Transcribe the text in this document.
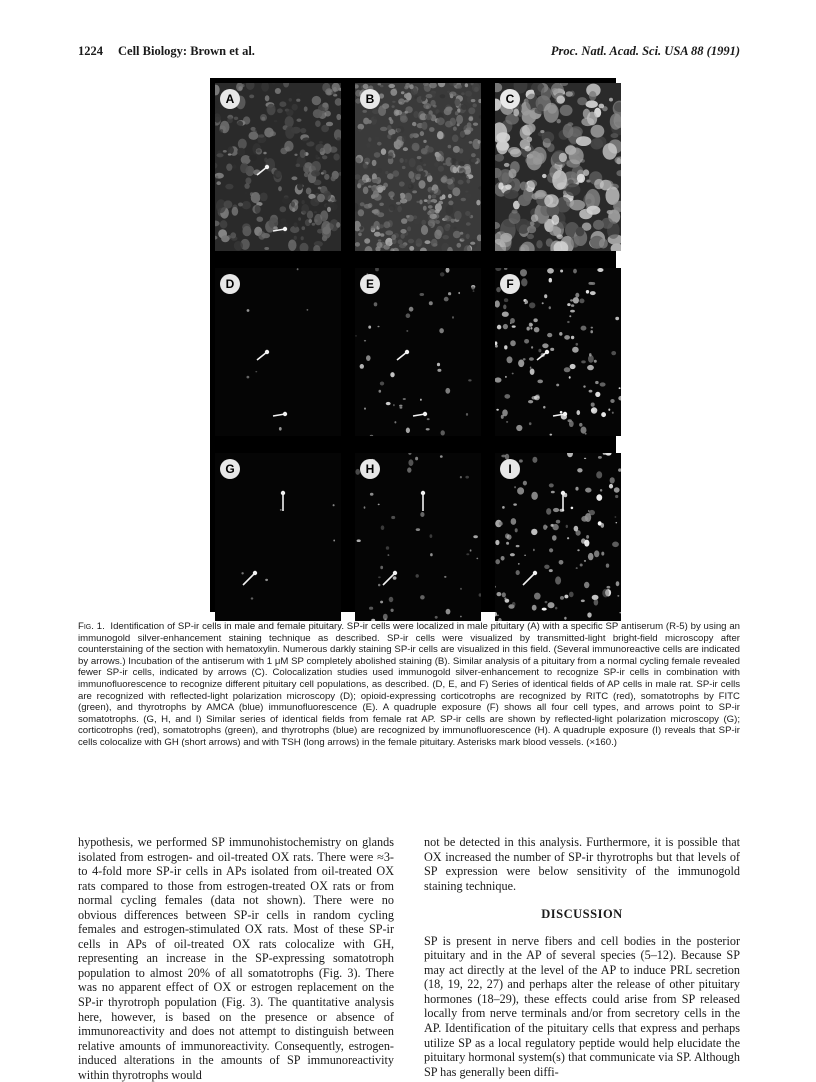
1224 Cell Biology: Brown et al.	Proc. Natl. Acad. Sci. USA 88 (1991)
A	B	C
D	E	F
G	H	I
Fig. 1. Identification of SP-ir cells in male and female pituitary. SP-ir cells were localized in male pituitary (A) with a specific SP antiserum (R-5) by using an immunogold silver-enhancement staining technique as described. SP-ir cells were visualized by transmitted-light bright-field microscopy after counterstaining of the section with hematoxylin. Numerous darkly staining SP-ir cells are visualized in this field. (Several immunoreactive cells are indicated by arrows.) Incubation of the antiserum with 1 μM SP completely abolished staining (B). Similar analysis of a pituitary from a normal cycling female revealed fewer SP-ir cells, indicated by arrows (C). Colocalization studies used immunogold silver-enhancement to recognize SP-ir cells in combination with immunofluorescence to recognize different pituitary cell populations, as described. (D, E, and F) Series of identical fields of AP cells in male rat. SP-ir cells are recognized with reflected-light polarization microscopy (D); opioid-expressing corticotrophs are recognized by RITC (red), somatotrophs by FITC (green), and thyrotrophs by AMCA (blue) immunofluorescence (E). A quadruple exposure (F) shows all four cell types, and arrows point to SP-ir somatotrophs. (G, H, and I) Similar series of identical fields from female rat AP. SP-ir cells are shown by reflected-light polarization microscopy (G); corticotrophs (red), somatotrophs (green), and thyrotrophs (blue) are recognized by immunofluorescence (H). A quadruple exposure (I) reveals that SP-ir cells colocalize with GH (short arrows) and with TSH (long arrows) in the female pituitary. Asterisks mark blood vessels. (×160.)

hypothesis, we performed SP immunohistochemistry on glands isolated from estrogen- and oil-treated OX rats. There were ≈3- to 4-fold more SP-ir cells in APs isolated from oil-treated OX rats compared to those from estrogen-treated OX rats or from normal cycling females (data not shown). There were no obvious differences between SP-ir cells in random cycling females and estrogen-stimulated OX rats. Most of these SP-ir cells in APs of oil-treated OX rats colocalize with GH, representing an increase in the SP-expressing somatotroph population to almost 20% of all somatotrophs (Fig. 3). There was no apparent effect of OX or estrogen replacement on the SP-ir thyrotroph population (Fig. 3). The quantitative analysis here, however, is based on the presence or absence of immunoreactivity and does not attempt to distinguish between relative amounts of immunoreactivity. Consequently, estrogen-induced alterations in the amounts of SP immunoreactivity within thyrotrophs would

not be detected in this analysis. Furthermore, it is possible that OX increased the number of SP-ir thyrotrophs but that levels of SP expression were below sensitivity of the immunogold staining technique.

DISCUSSION

SP is present in nerve fibers and cell bodies in the posterior pituitary and in the AP of several species (5–12). Because SP may act directly at the level of the AP to induce PRL secretion (18, 19, 22, 27) and perhaps alter the release of other pituitary hormones (18–29), these effects could arise from SP released locally from nerve terminals and/or from secretory cells in the AP. Identification of the pituitary cells that express and perhaps utilize SP as a local regulatory peptide would help elucidate the pituitary hormonal system(s) that communicate via SP. Although SP has generally been diffi-
